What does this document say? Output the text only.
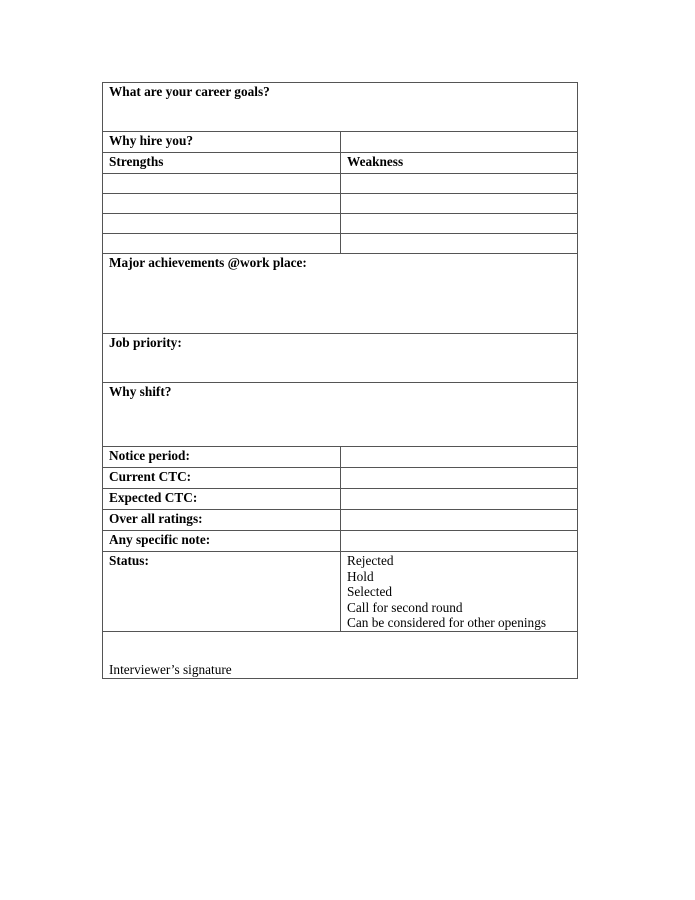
What are your career goals?	
Why hire you?	
Strengths	Weakness

Major achievements @work place:	
Job priority:	
Why shift?	
Notice period:	
Current CTC:	
Expected CTC:	
Over all ratings:	
Any specific note:	
Status:	Rejected
Hold
Selected
Call for second round
Can be considered for other openings

Interviewer’s signature	
